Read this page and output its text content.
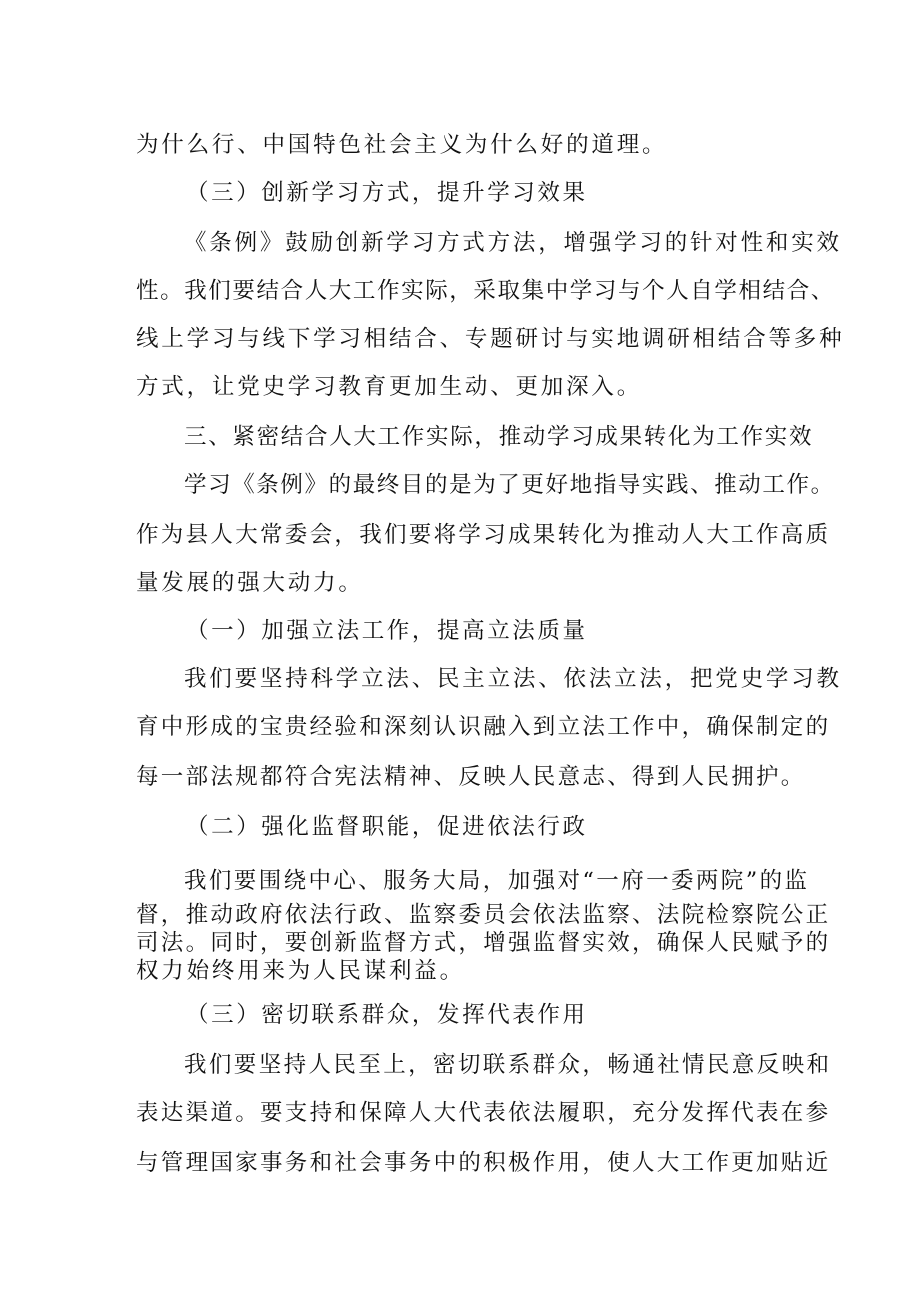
为什么行、中国特色社会主义为什么好的道理。
（三）创新学习方式，提升学习效果
《条例》鼓励创新学习方式方法，增强学习的针对性和实效
性。我们要结合人大工作实际，采取集中学习与个人自学相结合、
线上学习与线下学习相结合、专题研讨与实地调研相结合等多种
方式，让党史学习教育更加生动、更加深入。
三、紧密结合人大工作实际，推动学习成果转化为工作实效
学习《条例》的最终目的是为了更好地指导实践、推动工作。
作为县人大常委会，我们要将学习成果转化为推动人大工作高质
量发展的强大动力。
（一）加强立法工作，提高立法质量
我们要坚持科学立法、民主立法、依法立法，把党史学习教
育中形成的宝贵经验和深刻认识融入到立法工作中，确保制定的
每一部法规都符合宪法精神、反映人民意志、得到人民拥护。
（二）强化监督职能，促进依法行政
我们要围绕中心、服务大局，加强对“一府一委两院”的监
督，推动政府依法行政、监察委员会依法监察、法院检察院公正
司法。同时，要创新监督方式，增强监督实效，确保人民赋予的
权力始终用来为人民谋利益。
（三）密切联系群众，发挥代表作用
我们要坚持人民至上，密切联系群众，畅通社情民意反映和
表达渠道。要支持和保障人大代表依法履职，充分发挥代表在参
与管理国家事务和社会事务中的积极作用，使人大工作更加贴近
